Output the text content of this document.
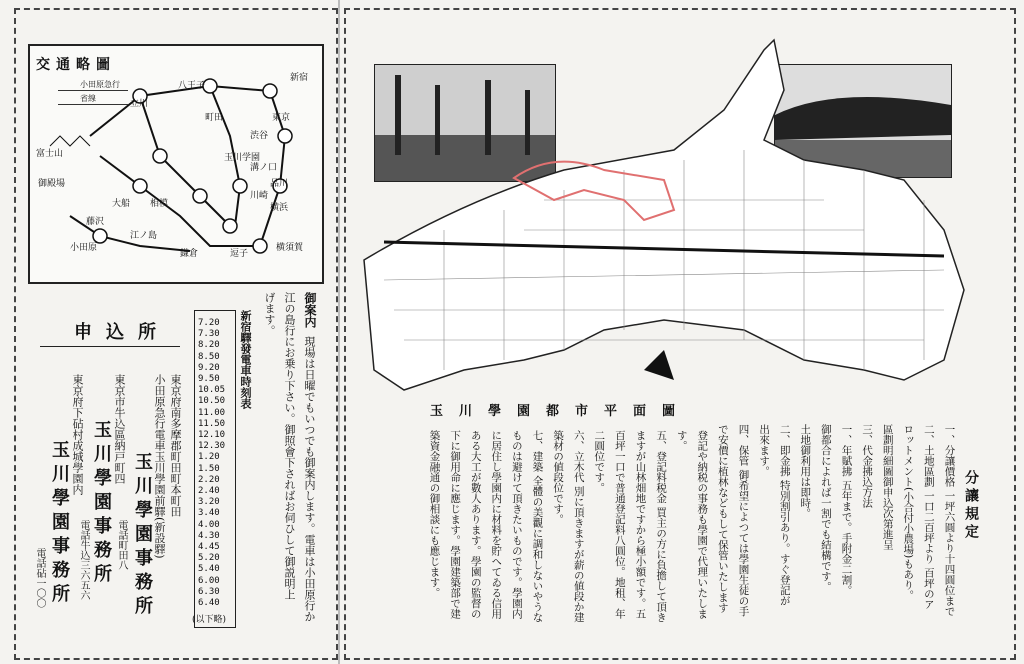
交通略圖
小田原急行
省線
新宿
立川
八王子
町田
玉川学園
溝ノ口
大船
藤沢
小田原
横浜
横須賀
逗子
鎌倉
東京
渋谷
品川
川崎
相模
江ノ島
富士山
御殿場
申込所
東京府南多摩郡町田町本町田
小田原急行電車玉川學園前驛(新設驛)
玉川學園事務所
電話町田八
東京市牛込區納戸町四
玉川學園事務所
電話牛込三六五六
東京府下砧村成城學園内
玉川學園事務所
電話砧一〇〇
新宿驛發電車時刻表
7.20
7.30
8.20
8.50
9.20
9.50
10.05
10.50
11.00
11.50
12.10
12.30
1.20
1.50
2.20
2.40
3.20
3.40
4.00
4.30
4.45
5.20
5.40
6.00
6.30
6.40
(以下略)
御案内
現場は日曜でもいつでも御案内します。電車は小田原行か
江の島行にお乗り下さい。御照會下さればお伺ひして御説明上
げます。
玉川學園都市平面圖
分讓規定
一、分讓價格 一坪六圓より十四圓位まで
二、土地區劃 一口二百坪より 百坪のア
ロットメント(小合付小農場)もあり。
區劃明細圖御申込次第進呈
三、代金拂込方法
一、年賦拂 五年まで。手附金二割。
御都合によれば一割でも結構です。
土地御利用は即時。
二、即金拂 特別割引あり。すぐ登記が
出來ます。
四、保管 御希望によつては學園生徒の手
で安價に植林などもして保管いたします
登記や納税の事務も學園で代理いたしま
す。
五、登記料税金 買主の方に負擔して頂き
ますが山林畑地ですから極小額です。五
百坪一口で普通登記料八圓位。地租、年
二圓位です。
六、立木代 別に頂きますが薪の値段か建
築材の値段位です。
七、建築 全體の美觀に調和しないやうな
ものは避けて頂きたいものです。學園内
に居住し學園内に材料を貯へてゐる信用
ある大工が數人あります。學園の監督の
下に御用命に應じます。學園建築部で建
築資金融通の御相談にも應じます。
